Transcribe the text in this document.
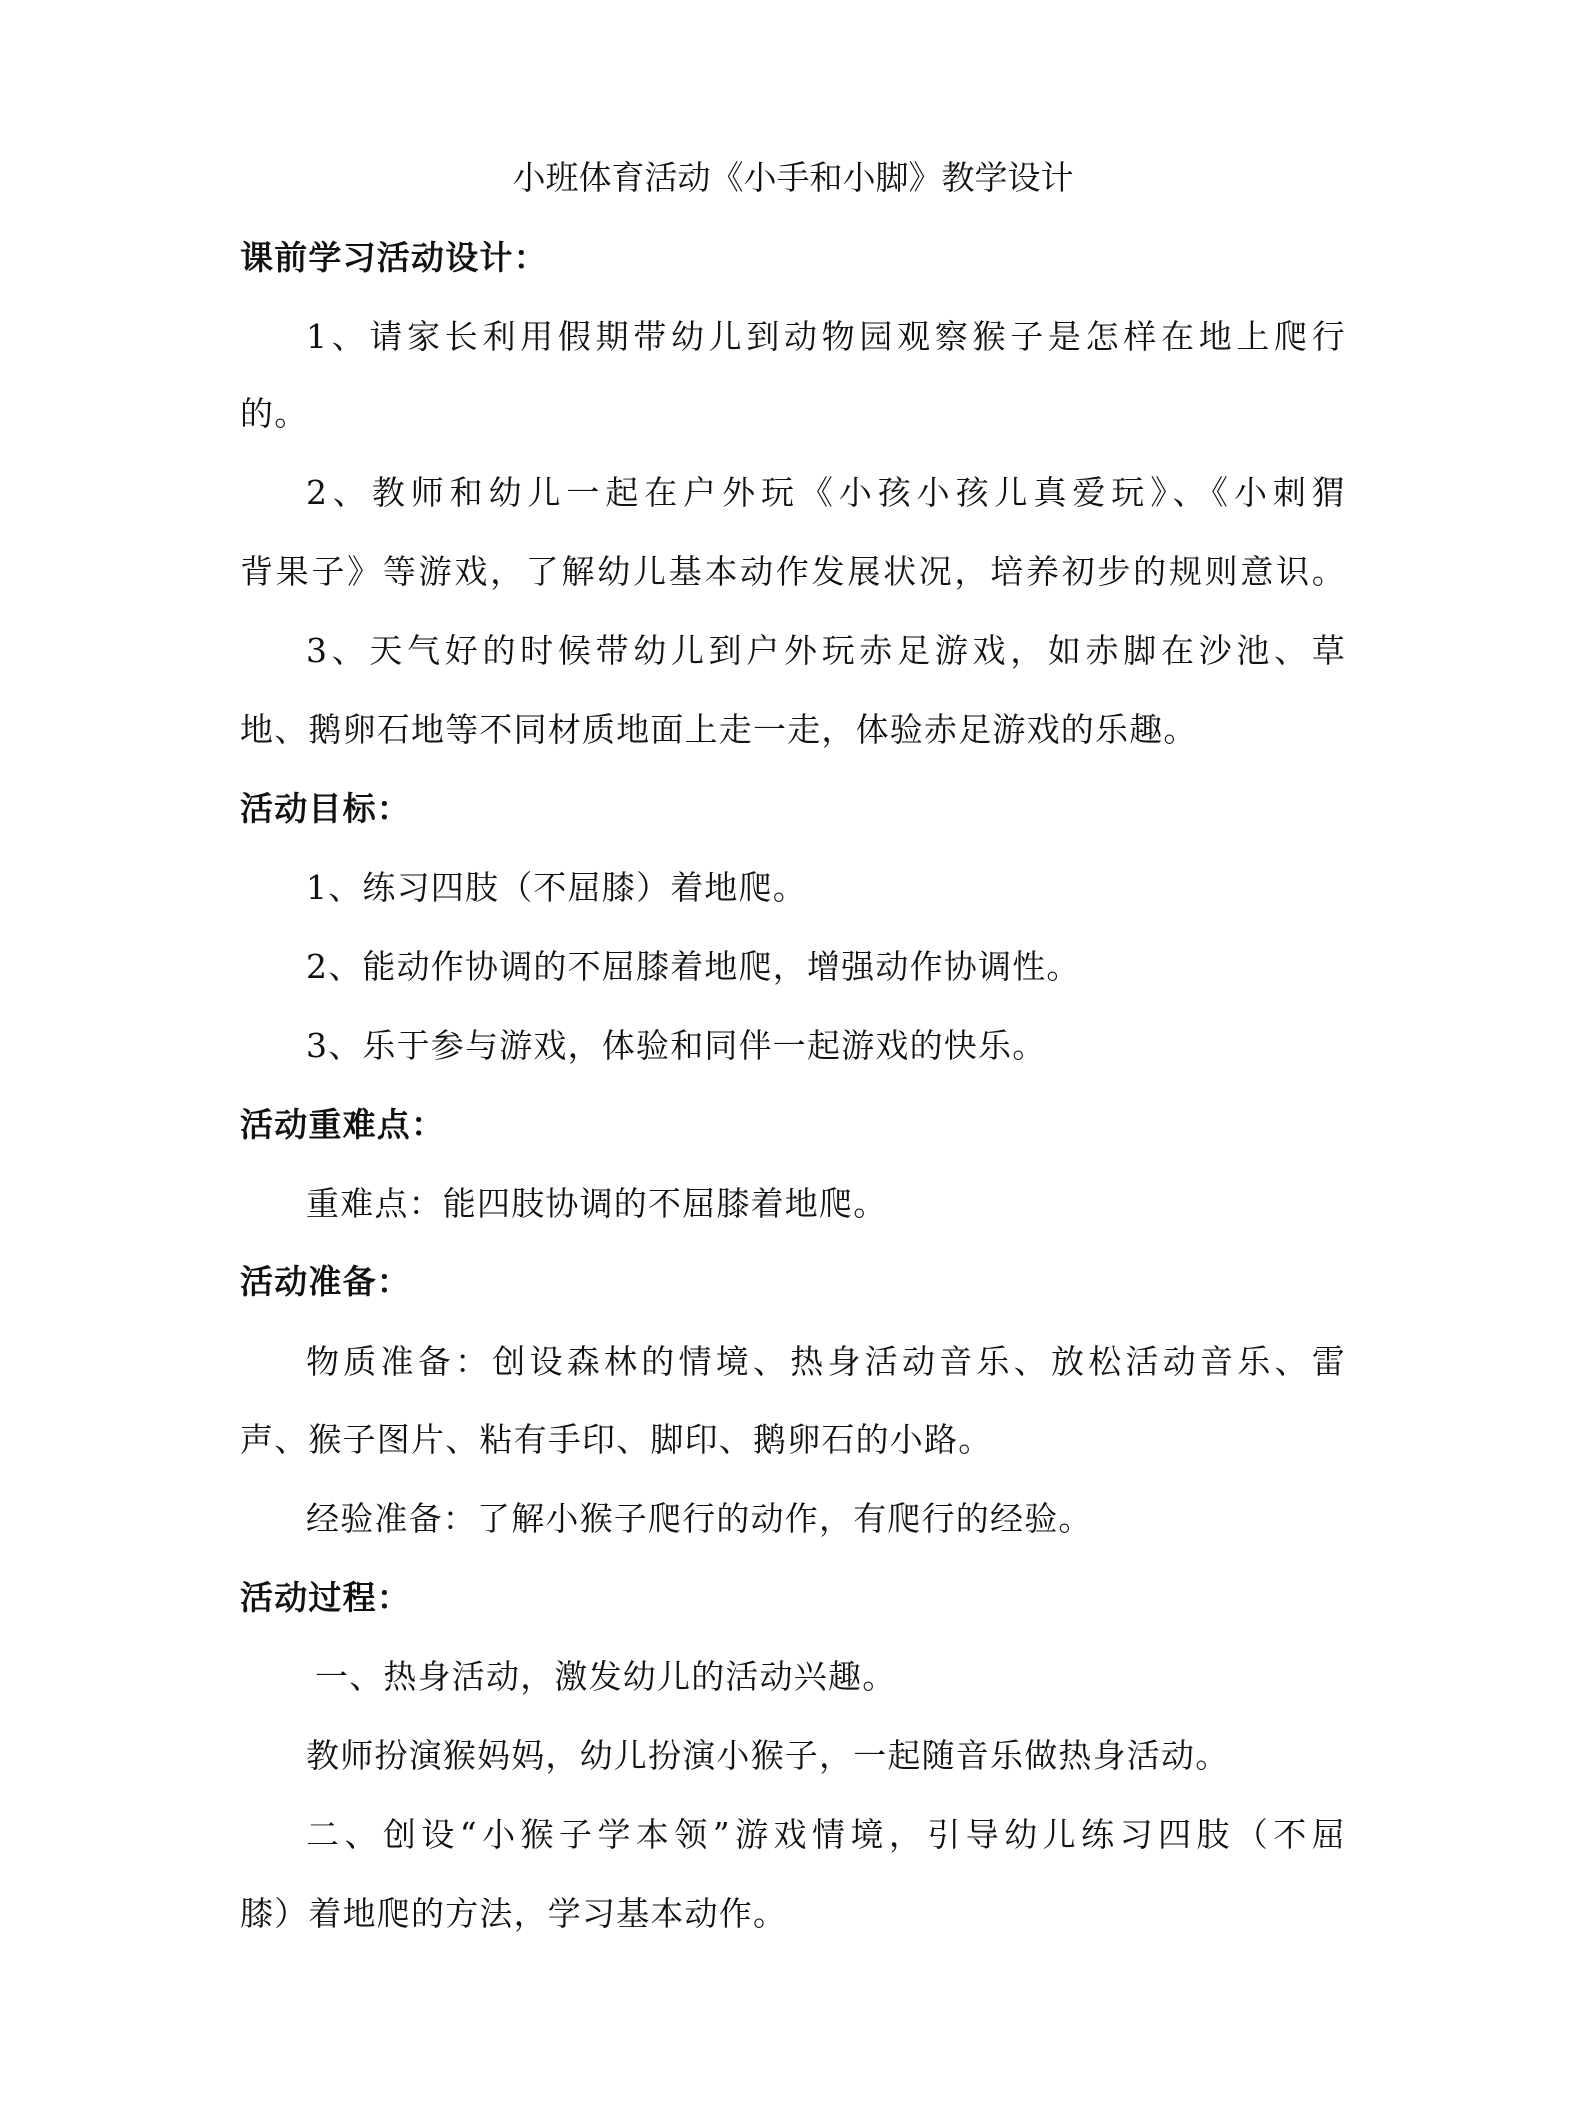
小班体育活动《小手和小脚》教学设计
课前学习活动设计：
1、请家长利用假期带幼儿到动物园观察猴子是怎样在地上爬行
的。
2、教师和幼儿一起在户外玩《小孩小孩儿真爱玩》、《小刺猬
背果子》等游戏，了解幼儿基本动作发展状况，培养初步的规则意识。
3、天气好的时候带幼儿到户外玩赤足游戏，如赤脚在沙池、草
地、鹅卵石地等不同材质地面上走一走，体验赤足游戏的乐趣。
活动目标：
1、练习四肢（不屈膝）着地爬。
2、能动作协调的不屈膝着地爬，增强动作协调性。
3、乐于参与游戏，体验和同伴一起游戏的快乐。
活动重难点：
重难点：能四肢协调的不屈膝着地爬。
活动准备：
物质准备：创设森林的情境、热身活动音乐、放松活动音乐、雷
声、猴子图片、粘有手印、脚印、鹅卵石的小路。
经验准备：了解小猴子爬行的动作，有爬行的经验。
活动过程：
一、热身活动，激发幼儿的活动兴趣。
教师扮演猴妈妈，幼儿扮演小猴子，一起随音乐做热身活动。
二、创设“小猴子学本领”游戏情境，引导幼儿练习四肢（不屈
膝）着地爬的方法，学习基本动作。
